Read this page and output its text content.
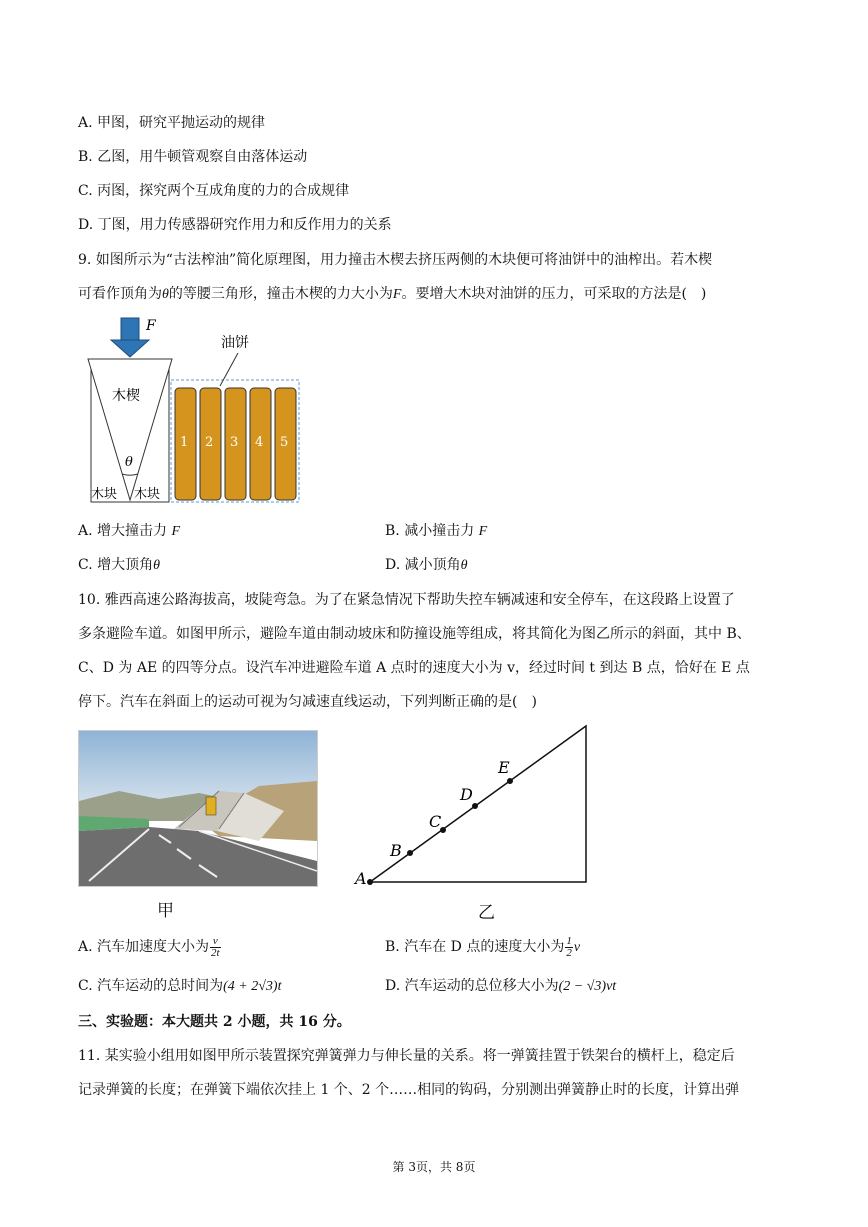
A. 甲图，研究平抛运动的规律
B. 乙图，用牛顿管观察自由落体运动
C. 丙图，探究两个互成角度的力的合成规律
D. 丁图，用力传感器研究作用力和反作用力的关系
9. 如图所示为“古法榨油”简化原理图，用力撞击木楔去挤压两侧的木块便可将油饼中的油榨出。若木楔
可看作顶角为θ的等腰三角形，撞击木楔的力大小为F。要增大木块对油饼的压力，可采取的方法是(　)
F
木楔
θ
木块 木块
1 2 3 4 5
油饼
A. 增大撞击力 F	B. 减小撞击力 F
C. 增大顶角θ	D. 减小顶角θ
10. 雅西高速公路海拔高，坡陡弯急。为了在紧急情况下帮助失控车辆减速和安全停车，在这段路上设置了
多条避险车道。如图甲所示，避险车道由制动坡床和防撞设施等组成，将其简化为图乙所示的斜面，其中 B、
C、D 为 AE 的四等分点。设汽车冲进避险车道 A 点时的速度大小为 v，经过时间 t 到达 B 点，恰好在 E 点
停下。汽车在斜面上的运动可视为匀减速直线运动，下列判断正确的是(　)
甲
A
B
C
D
E
乙
A. 汽车加速度大小为 $\frac{v}{2t}$	B. 汽车在 D 点的速度大小为 $\frac{1}{2}$ v
C. 汽车运动的总时间为(4 + 2√3)t	D. 汽车运动的总位移大小为(2 − √3)vt
三、实验题：本大题共 2 小题，共 16 分。
11. 某实验小组用如图甲所示装置探究弹簧弹力与伸长量的关系。将一弹簧挂置于铁架台的横杆上，稳定后
记录弹簧的长度；在弹簧下端依次挂上 1 个、2 个……相同的钩码，分别测出弹簧静止时的长度，计算出弹
第 3页，共 8页
